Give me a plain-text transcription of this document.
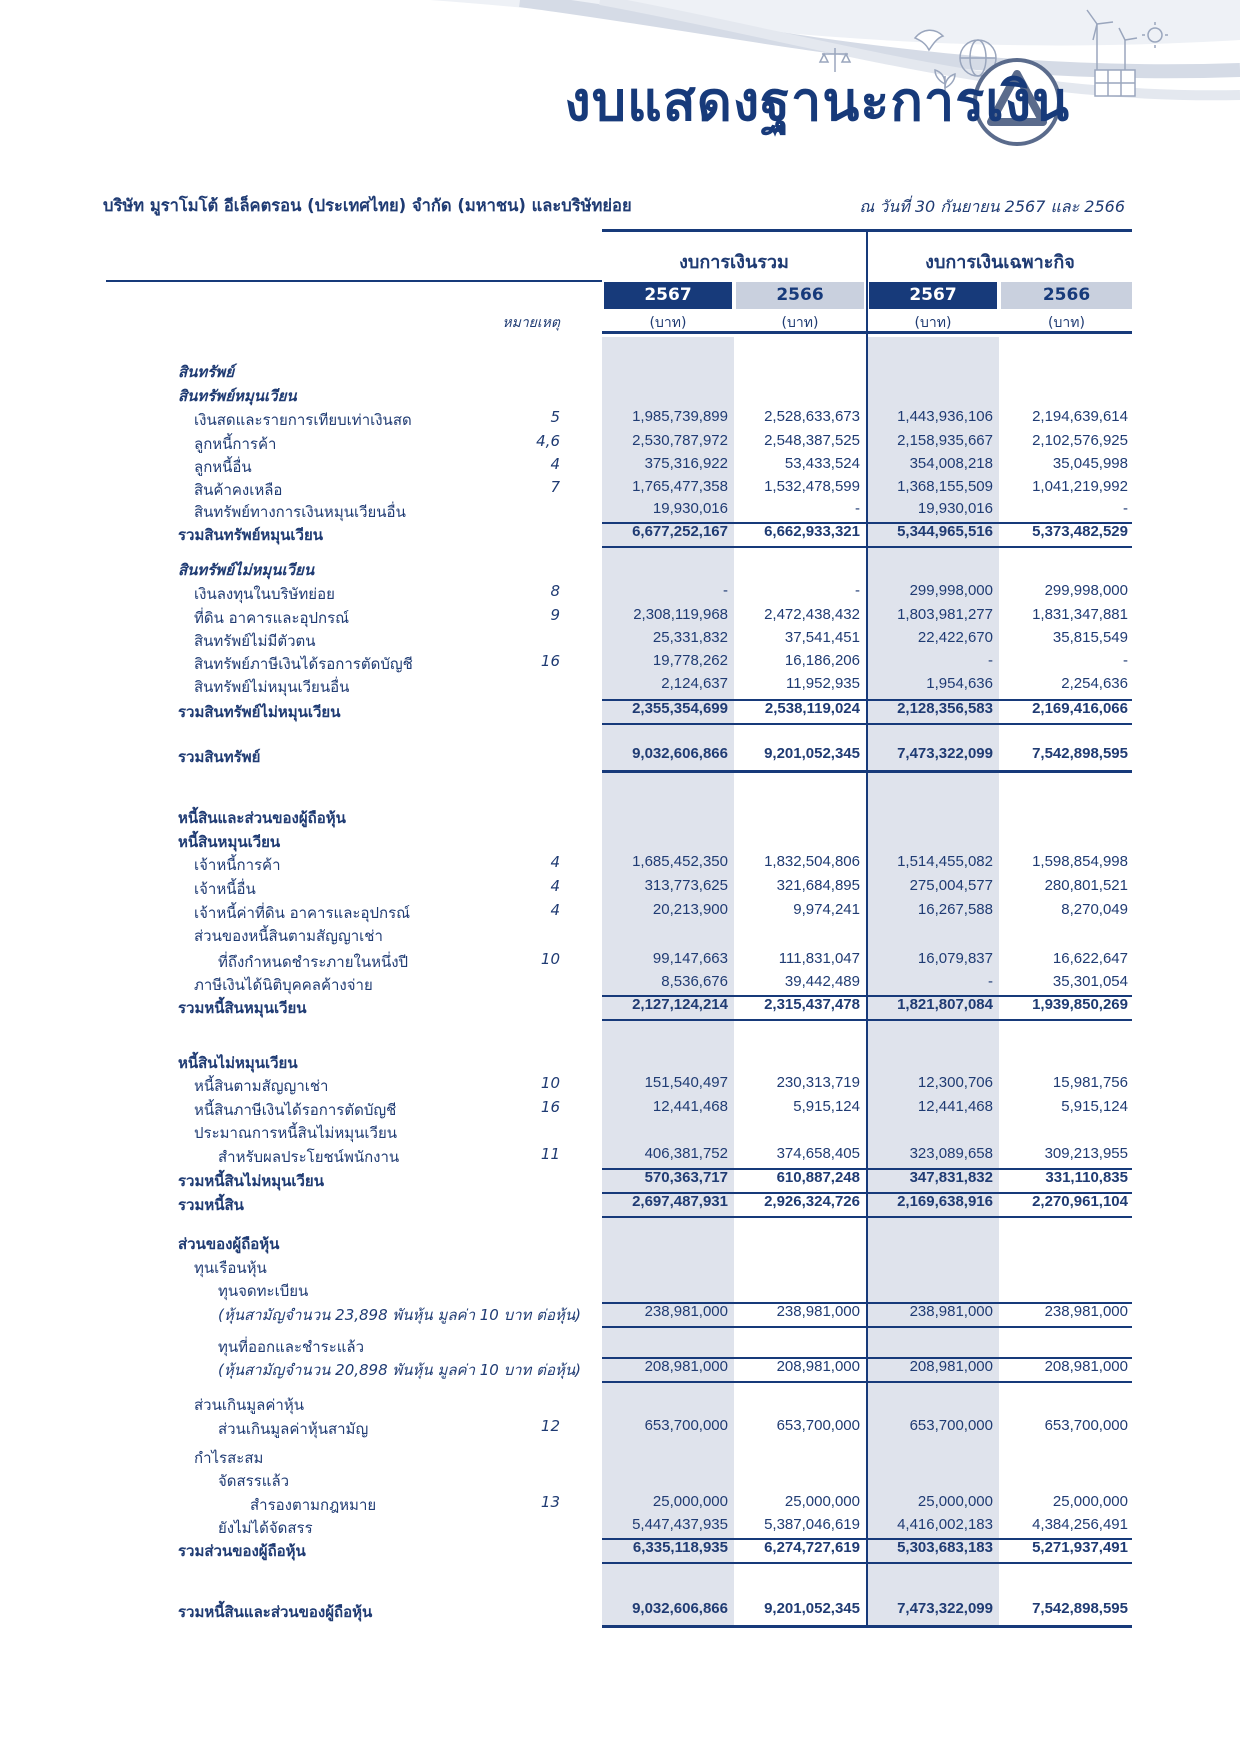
งบแสดงฐานะการเงิน
บริษัท มูราโมโต้ อีเล็คตรอน (ประเทศไทย) จำกัด (มหาชน) และบริษัทย่อย	ณ วันที่ 30 กันยายน 2567 และ 2566
งบการเงินรวม	งบการเงินเฉพาะกิจ
2567	2566	2567	2566
หมายเหตุ	(บาท)	(บาท)	(บาท)	(บาท)
สินทรัพย์
สินทรัพย์หมุนเวียน
เงินสดและรายการเทียบเท่าเงินสด	5	1,985,739,899	2,528,633,673	1,443,936,106	2,194,639,614
ลูกหนี้การค้า	4,6	2,530,787,972	2,548,387,525	2,158,935,667	2,102,576,925
ลูกหนี้อื่น	4	375,316,922	53,433,524	354,008,218	35,045,998
สินค้าคงเหลือ	7	1,765,477,358	1,532,478,599	1,368,155,509	1,041,219,992
สินทรัพย์ทางการเงินหมุนเวียนอื่น	19,930,016	-	19,930,016	-
รวมสินทรัพย์หมุนเวียน	6,677,252,167	6,662,933,321	5,344,965,516	5,373,482,529
สินทรัพย์ไม่หมุนเวียน
เงินลงทุนในบริษัทย่อย	8	-	-	299,998,000	299,998,000
ที่ดิน อาคารและอุปกรณ์	9	2,308,119,968	2,472,438,432	1,803,981,277	1,831,347,881
สินทรัพย์ไม่มีตัวตน	25,331,832	37,541,451	22,422,670	35,815,549
สินทรัพย์ภาษีเงินได้รอการตัดบัญชี	16	19,778,262	16,186,206	-	-
สินทรัพย์ไม่หมุนเวียนอื่น	2,124,637	11,952,935	1,954,636	2,254,636
รวมสินทรัพย์ไม่หมุนเวียน	2,355,354,699	2,538,119,024	2,128,356,583	2,169,416,066
รวมสินทรัพย์	9,032,606,866	9,201,052,345	7,473,322,099	7,542,898,595
หนี้สินและส่วนของผู้ถือหุ้น
หนี้สินหมุนเวียน
เจ้าหนี้การค้า	4	1,685,452,350	1,832,504,806	1,514,455,082	1,598,854,998
เจ้าหนี้อื่น	4	313,773,625	321,684,895	275,004,577	280,801,521
เจ้าหนี้ค่าที่ดิน อาคารและอุปกรณ์	4	20,213,900	9,974,241	16,267,588	8,270,049
ส่วนของหนี้สินตามสัญญาเช่า
ที่ถึงกำหนดชำระภายในหนึ่งปี	10	99,147,663	111,831,047	16,079,837	16,622,647
ภาษีเงินได้นิติบุคคลค้างจ่าย	8,536,676	39,442,489	-	35,301,054
รวมหนี้สินหมุนเวียน	2,127,124,214	2,315,437,478	1,821,807,084	1,939,850,269
หนี้สินไม่หมุนเวียน
หนี้สินตามสัญญาเช่า	10	151,540,497	230,313,719	12,300,706	15,981,756
หนี้สินภาษีเงินได้รอการตัดบัญชี	16	12,441,468	5,915,124	12,441,468	5,915,124
ประมาณการหนี้สินไม่หมุนเวียน
สำหรับผลประโยชน์พนักงาน	11	406,381,752	374,658,405	323,089,658	309,213,955
รวมหนี้สินไม่หมุนเวียน	570,363,717	610,887,248	347,831,832	331,110,835
รวมหนี้สิน	2,697,487,931	2,926,324,726	2,169,638,916	2,270,961,104
ส่วนของผู้ถือหุ้น
ทุนเรือนหุ้น
ทุนจดทะเบียน
(หุ้นสามัญจำนวน 23,898 พันหุ้น มูลค่า 10 บาท ต่อหุ้น)	238,981,000	238,981,000	238,981,000	238,981,000
ทุนที่ออกและชำระแล้ว
(หุ้นสามัญจำนวน 20,898 พันหุ้น มูลค่า 10 บาท ต่อหุ้น)	208,981,000	208,981,000	208,981,000	208,981,000
ส่วนเกินมูลค่าหุ้น
ส่วนเกินมูลค่าหุ้นสามัญ	12	653,700,000	653,700,000	653,700,000	653,700,000
กำไรสะสม
จัดสรรแล้ว
สำรองตามกฎหมาย	13	25,000,000	25,000,000	25,000,000	25,000,000
ยังไม่ได้จัดสรร	5,447,437,935	5,387,046,619	4,416,002,183	4,384,256,491
รวมส่วนของผู้ถือหุ้น	6,335,118,935	6,274,727,619	5,303,683,183	5,271,937,491
รวมหนี้สินและส่วนของผู้ถือหุ้น	9,032,606,866	9,201,052,345	7,473,322,099	7,542,898,595
